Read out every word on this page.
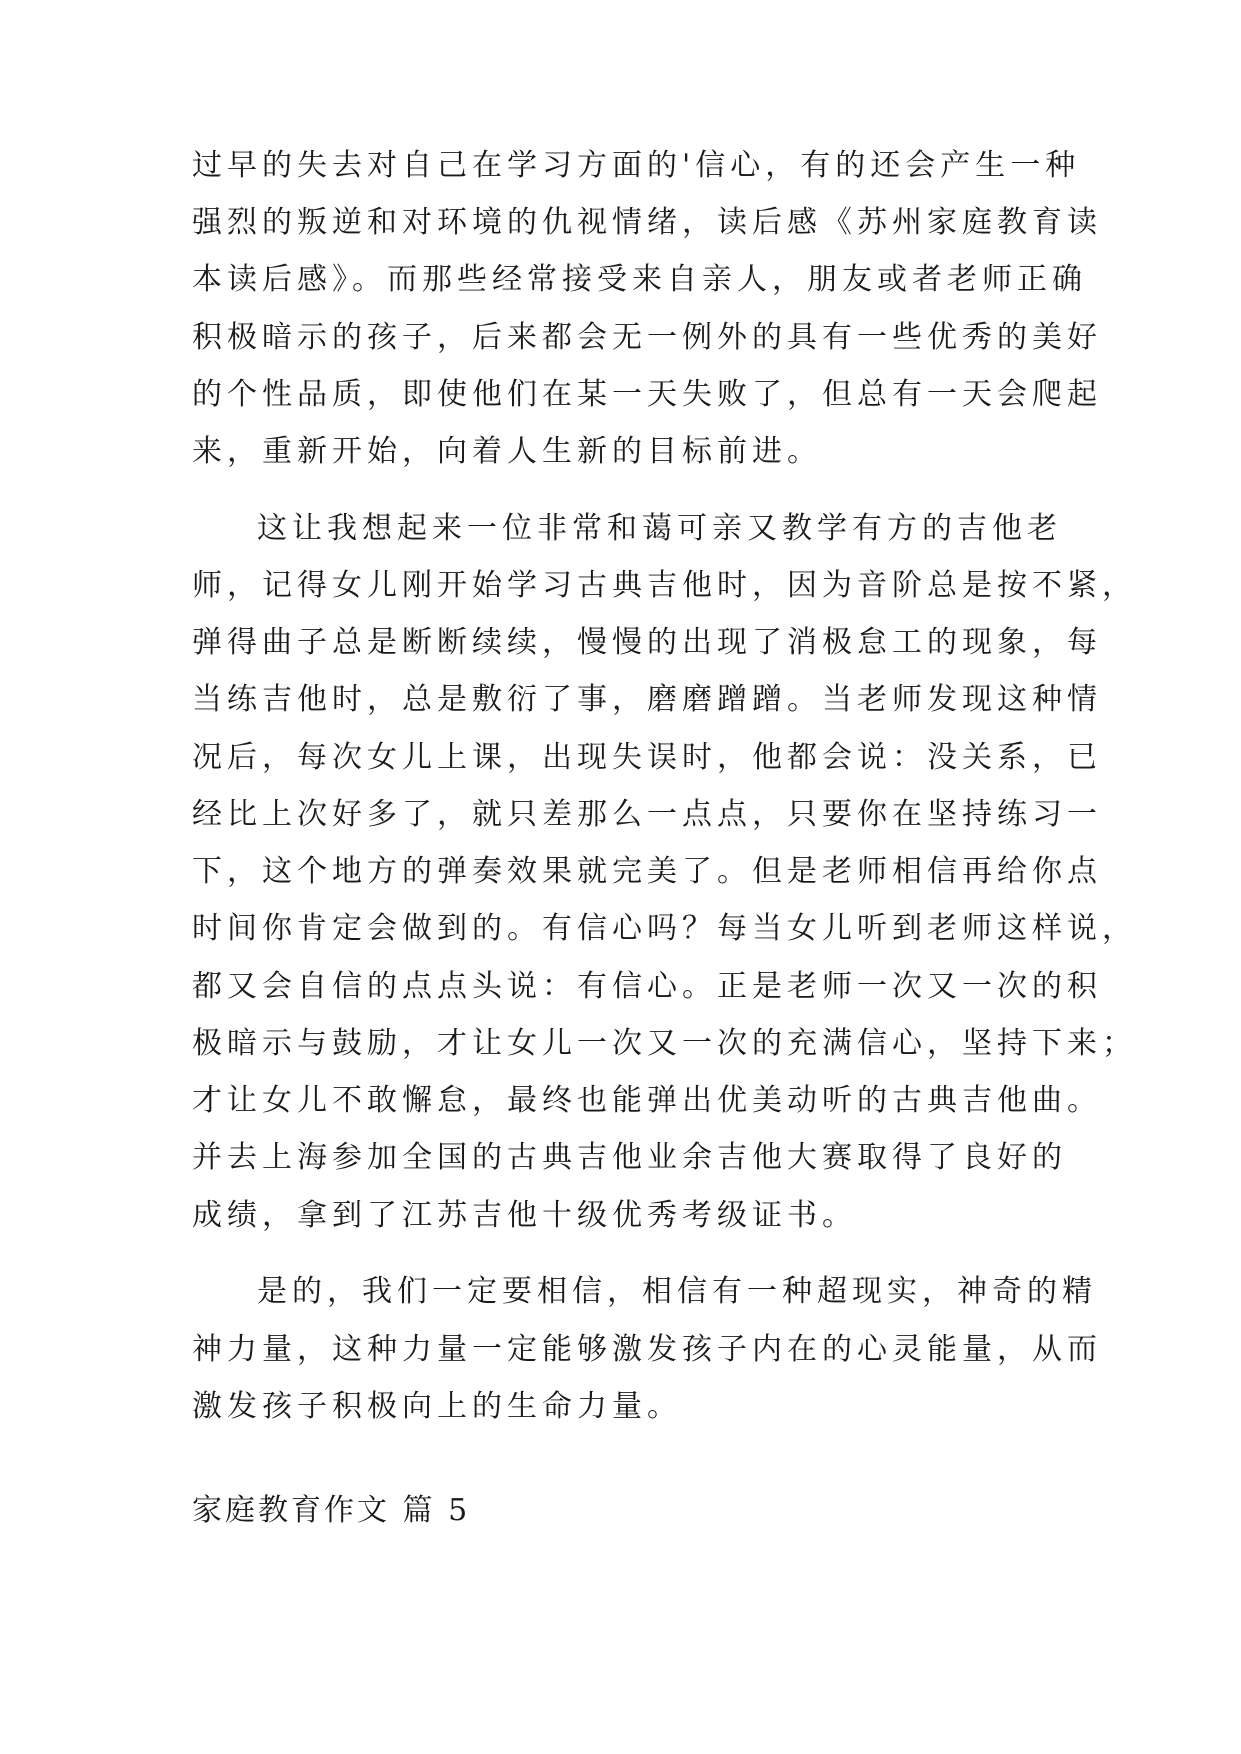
过早的失去对自己在学习方面的'信心，有的还会产生一种
强烈的叛逆和对环境的仇视情绪，读后感《苏州家庭教育读
本读后感》。而那些经常接受来自亲人，朋友或者老师正确
积极暗示的孩子，后来都会无一例外的具有一些优秀的美好
的个性品质，即使他们在某一天失败了，但总有一天会爬起
来，重新开始，向着人生新的目标前进。
这让我想起来一位非常和蔼可亲又教学有方的吉他老
师，记得女儿刚开始学习古典吉他时，因为音阶总是按不紧，
弹得曲子总是断断续续，慢慢的出现了消极怠工的现象，每
当练吉他时，总是敷衍了事，磨磨蹭蹭。当老师发现这种情
况后，每次女儿上课，出现失误时，他都会说：没关系，已
经比上次好多了，就只差那么一点点，只要你在坚持练习一
下，这个地方的弹奏效果就完美了。但是老师相信再给你点
时间你肯定会做到的。有信心吗？每当女儿听到老师这样说，
都又会自信的点点头说：有信心。正是老师一次又一次的积
极暗示与鼓励，才让女儿一次又一次的充满信心，坚持下来；
才让女儿不敢懈怠，最终也能弹出优美动听的古典吉他曲。
并去上海参加全国的古典吉他业余吉他大赛取得了良好的
成绩，拿到了江苏吉他十级优秀考级证书。
是的，我们一定要相信，相信有一种超现实，神奇的精
神力量，这种力量一定能够激发孩子内在的心灵能量，从而
激发孩子积极向上的生命力量。
家庭教育作文 篇 5
